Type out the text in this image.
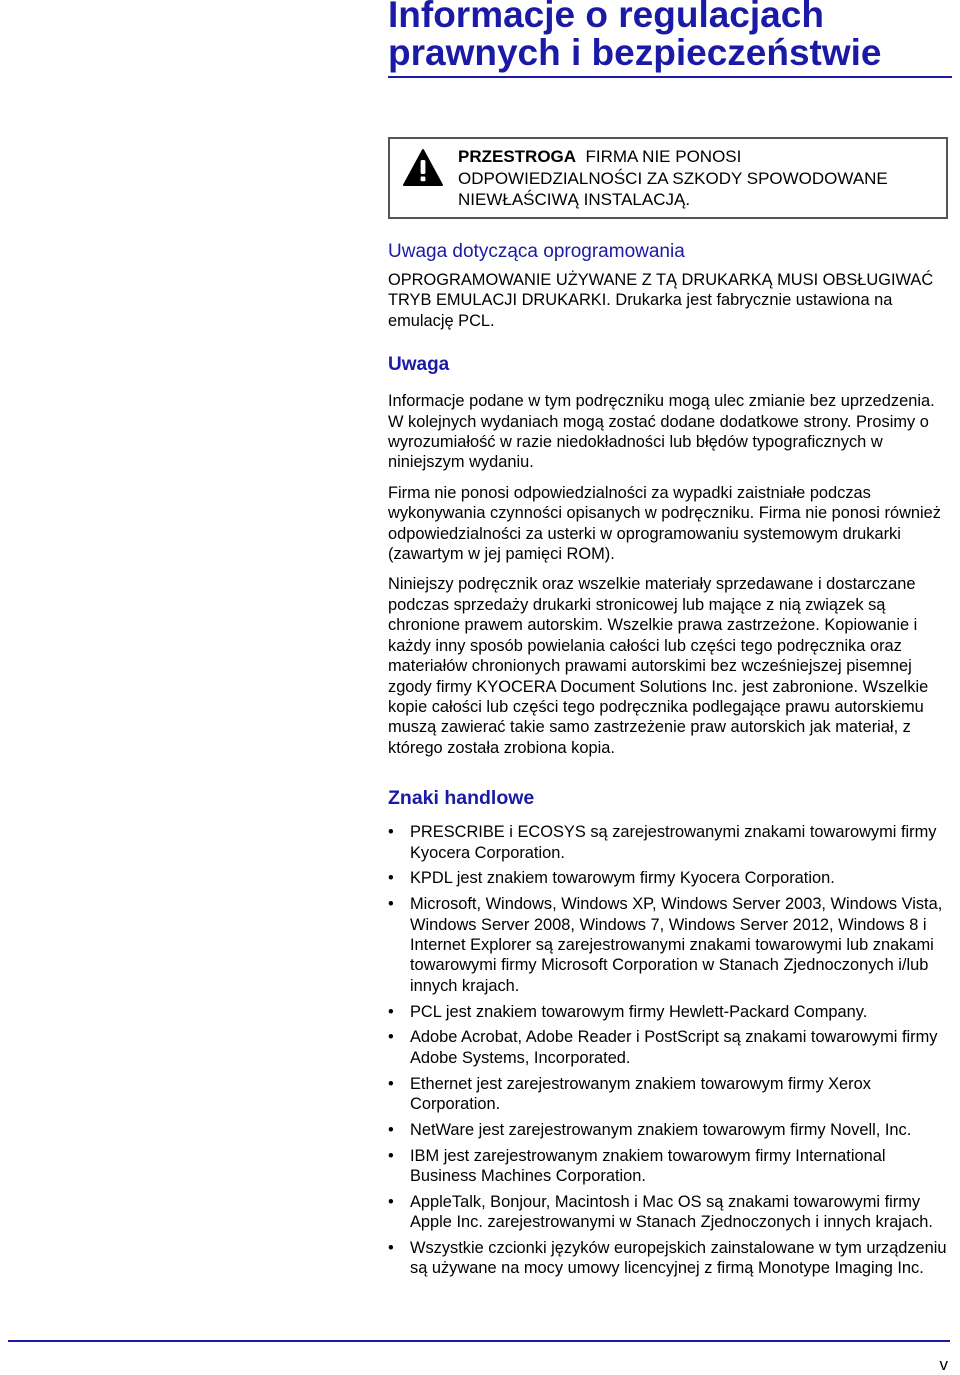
Informacje o regulacjach
prawnych i bezpieczeństwie
PRZESTROGA FIRMA NIE PONOSI
ODPOWIEDZIALNOŚCI ZA SZKODY SPOWODOWANE
NIEWŁAŚCIWĄ INSTALACJĄ.
Uwaga dotycząca oprogramowania

OPROGRAMOWANIE UŻYWANE Z TĄ DRUKARKĄ MUSI OBSŁUGIWAĆ TRYB EMULACJI DRUKARKI. Drukarka jest fabrycznie ustawiona na emulację PCL.

Uwaga

Informacje podane w tym podręczniku mogą ulec zmianie bez uprzedzenia. W kolejnych wydaniach mogą zostać dodane dodatkowe strony. Prosimy o wyrozumiałość w razie niedokładności lub błędów typograficznych w niniejszym wydaniu.

Firma nie ponosi odpowiedzialności za wypadki zaistniałe podczas wykonywania czynności opisanych w podręczniku. Firma nie ponosi również odpowiedzialności za usterki w oprogramowaniu systemowym drukarki (zawartym w jej pamięci ROM).

Niniejszy podręcznik oraz wszelkie materiały sprzedawane i dostarczane podczas sprzedaży drukarki stronicowej lub mające z nią związek są chronione prawem autorskim. Wszelkie prawa zastrzeżone. Kopiowanie i każdy inny sposób powielania całości lub części tego podręcznika oraz materiałów chronionych prawami autorskimi bez wcześniejszej pisemnej zgody firmy KYOCERA Document Solutions Inc. jest zabronione. Wszelkie kopie całości lub części tego podręcznika podlegające prawu autorskiemu muszą zawierać takie samo zastrzeżenie praw autorskich jak materiał, z którego została zrobiona kopia.

Znaki handlowe
• PRESCRIBE i ECOSYS są zarejestrowanymi znakami towarowymi firmy Kyocera Corporation.
• KPDL jest znakiem towarowym firmy Kyocera Corporation.
• Microsoft, Windows, Windows XP, Windows Server 2003, Windows Vista, Windows Server 2008, Windows 7, Windows Server 2012, Windows 8 i Internet Explorer są zarejestrowanymi znakami towarowymi lub znakami towarowymi firmy Microsoft Corporation w Stanach Zjednoczonych i/lub innych krajach.
• PCL jest znakiem towarowym firmy Hewlett-Packard Company.
• Adobe Acrobat, Adobe Reader i PostScript są znakami towarowymi firmy Adobe Systems, Incorporated.
• Ethernet jest zarejestrowanym znakiem towarowym firmy Xerox Corporation.
• NetWare jest zarejestrowanym znakiem towarowym firmy Novell, Inc.
• IBM jest zarejestrowanym znakiem towarowym firmy International Business Machines Corporation.
• AppleTalk, Bonjour, Macintosh i Mac OS są znakami towarowymi firmy Apple Inc. zarejestrowanymi w Stanach Zjednoczonych i innych krajach.
• Wszystkie czcionki języków europejskich zainstalowane w tym urządzeniu są używane na mocy umowy licencyjnej z firmą Monotype Imaging Inc.
v
